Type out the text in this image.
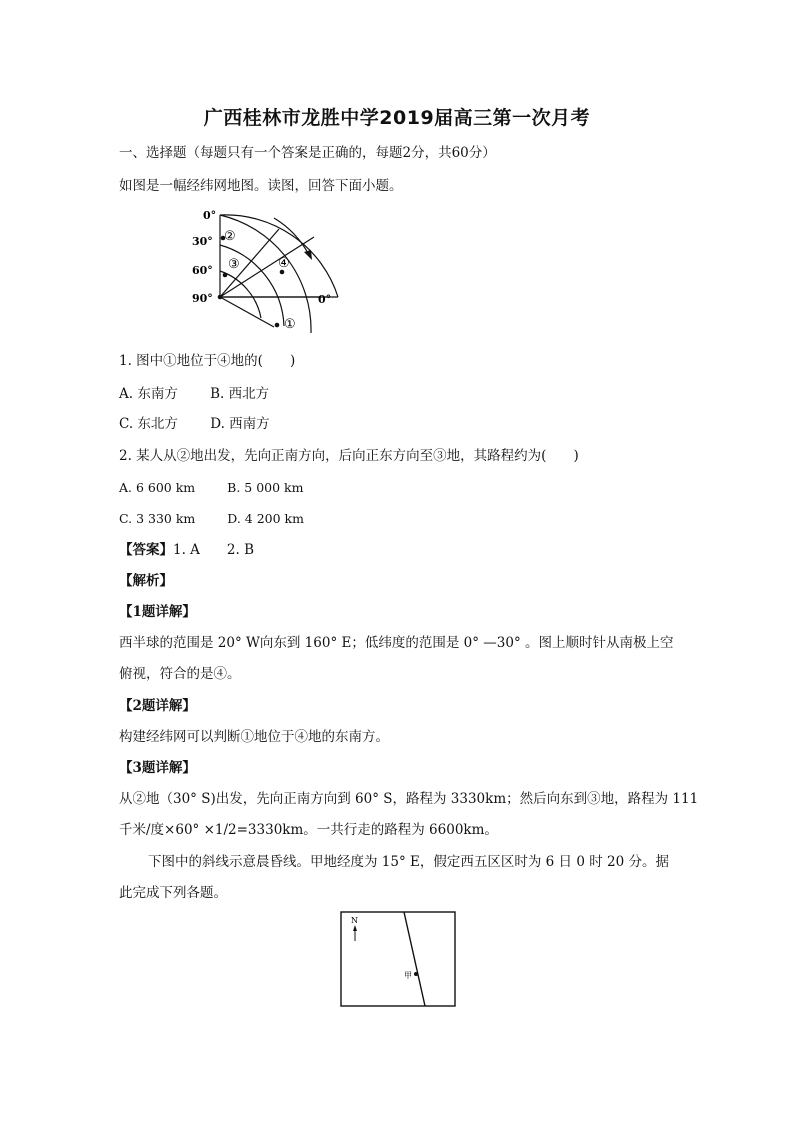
广西桂林市龙胜中学2019届高三第一次月考
一、选择题（每题只有一个答案是正确的，每题2分，共60分）
如图是一幅经纬网地图。读图，回答下面小题。
0°
30°
60°
90°	0°
②
③	④
①
1. 图中①地位于④地的(　　)
A. 东南方 B. 西北方
C. 东北方 D. 西南方
2. 某人从②地出发，先向正南方向，后向正东方向至③地，其路程约为(　　)
A. 6 600 km	B. 5 000 km
C. 3 330 km	D. 4 200 km
【答案】1. A　　2. B
【解析】
【1题详解】
西半球的范围是 20° W向东到 160° E；低纬度的范围是 0° —30° 。图上顺时针从南极上空
俯视，符合的是④。
【2题详解】
构建经纬网可以判断①地位于④地的东南方。
【3题详解】
从②地（30° S)出发，先向正南方向到 60° S，路程为 3330km；然后向东到③地，路程为 111
千米/度×60° ×1/2=3330km。一共行走的路程为 6600km。
下图中的斜线示意晨昏线。甲地经度为 15° E，假定西五区区时为 6 日 0 时 20 分。据
此完成下列各题。
N
甲
